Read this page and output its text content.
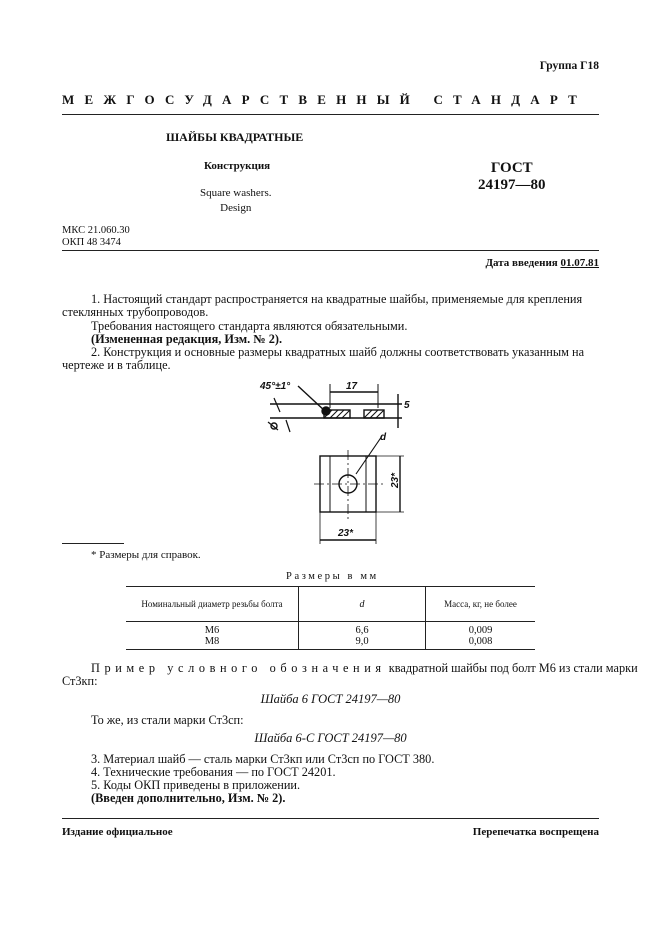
Группа Г18
МЕЖГОСУДАРСТВЕННЫЙ СТАНДАРТ
ШАЙБЫ КВАДРАТНЫЕ
Конструкция
Square washers.
Design
ГОСТ
24197—80
МКС 21.060.30
ОКП 48 3474
Дата введения 01.07.81
1. Настоящий стандарт распространяется на квадратные шайбы, применяемые для крепления
стеклянных трубопроводов.
Требования настоящего стандарта являются обязательными.
(Измененная редакция, Изм. № 2).
2. Конструкция и основные размеры квадратных шайб должны соответствовать указанным на
чертеже и в таблице.
45°±1°	17
5
d
23*
23*
* Размеры для справок.
Размеры в мм
Номинальный диаметр резьбы болта	d	Масса, кг, не более
М6	6,6	0,009
М8	9,0	0,008
Пример условного обозначения квадратной шайбы под болт М6 из стали марки
Ст3кп:
Шайба 6 ГОСТ 24197—80
То же, из стали марки Ст3сп:
Шайба 6-С ГОСТ 24197—80
3. Материал шайб — сталь марки Ст3кп или Ст3сп по ГОСТ 380.
4. Технические требования — по ГОСТ 24201.
5. Коды ОКП приведены в приложении.
(Введен дополнительно, Изм. № 2).
Издание официальное	Перепечатка воспрещена
